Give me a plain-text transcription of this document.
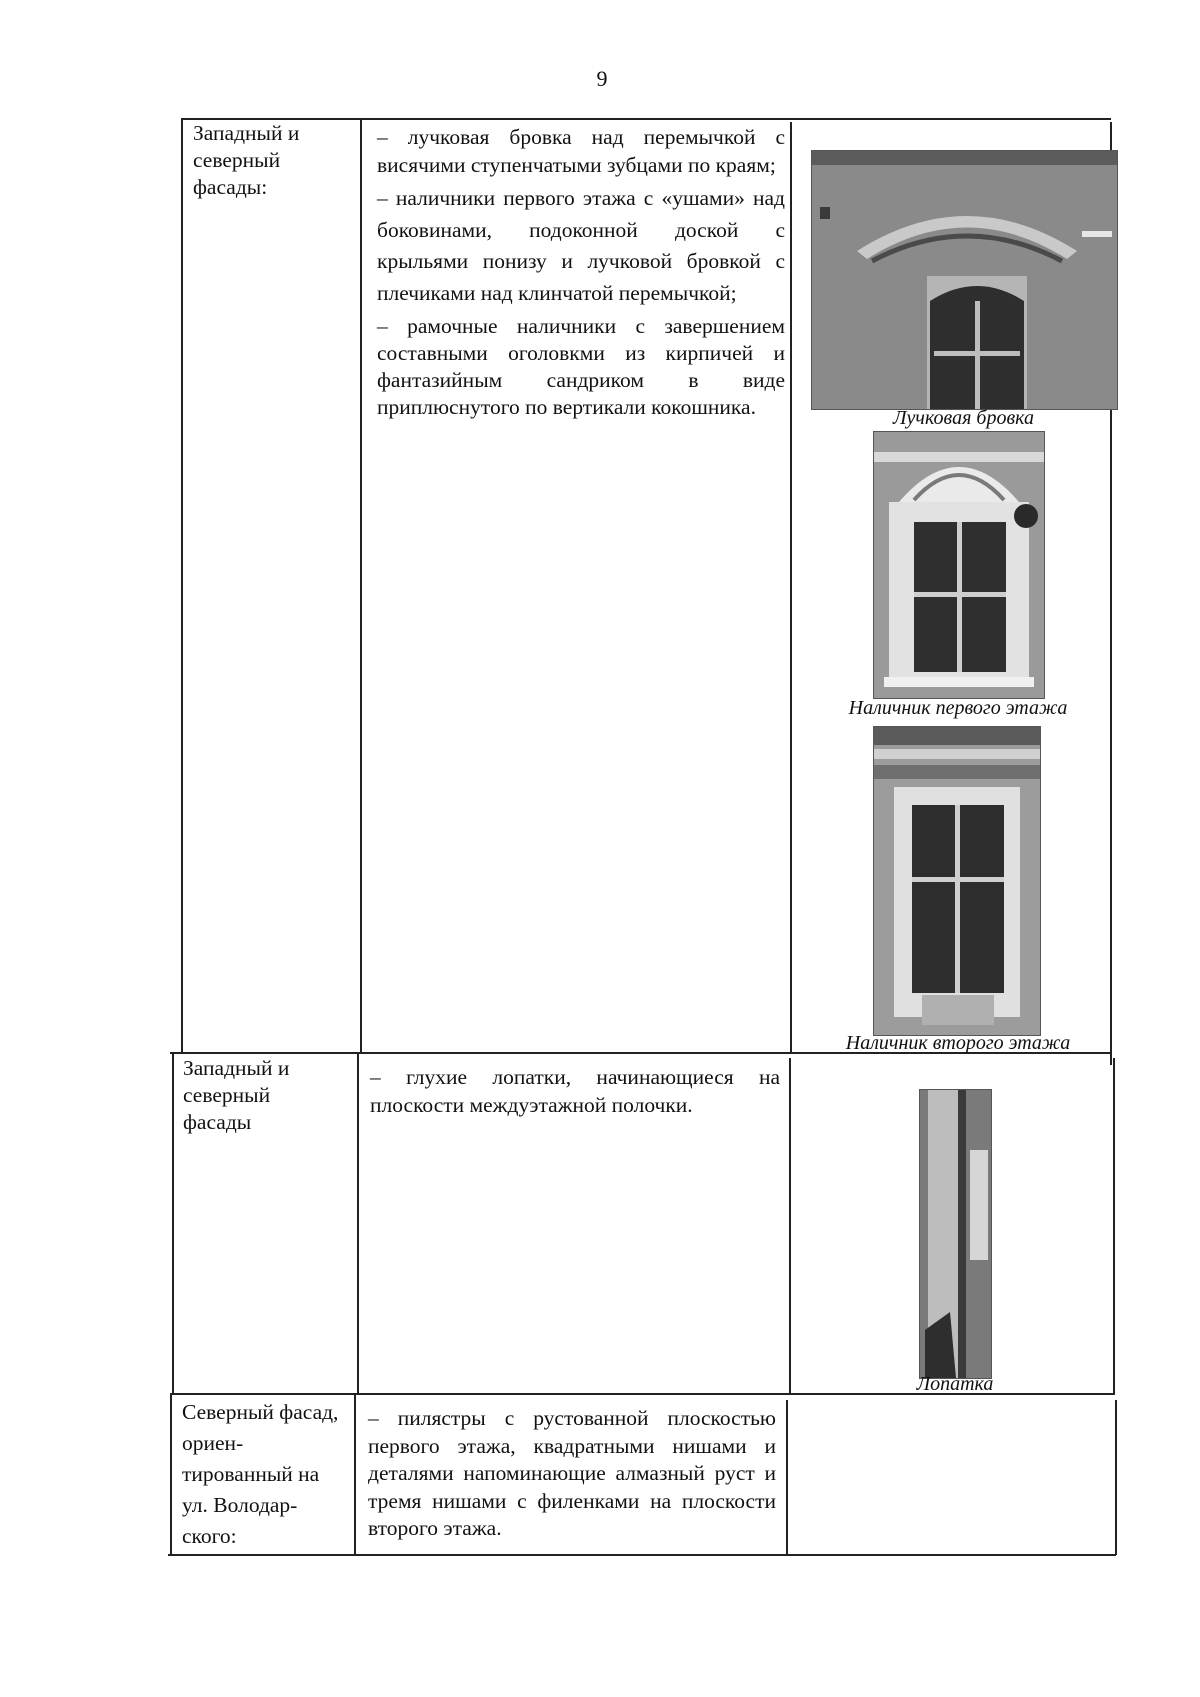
9
Западный и северный фасады:

– лучковая бровка над перемычкой с висячими ступенчатыми зубцами по краям;

– наличники первого этажа с «ушами» над боковинами, подоконной доской с крыльями понизу и лучковой бровкой с плечиками над клинчатой перемычкой;

– рамочные наличники с завершением составными оголовкми из кирпичей и фантазийным сандриком в виде приплюснутого по вертикали кокошника.	Лучковая бровка
Наличник первого этажа
Наличник второго этажа
Западный и северный фасады

– глухие лопатки, начинающиеся на плоскости междуэтажной полочки.

Лопатка
Северный фасад, ориен-тированный на ул. Володар-ского:

– пилястры с рустованной плоскостью первого этажа, квадратными нишами и деталями напоминающие алмазный руст и тремя нишами с филенками на плоскости второго этажа.
